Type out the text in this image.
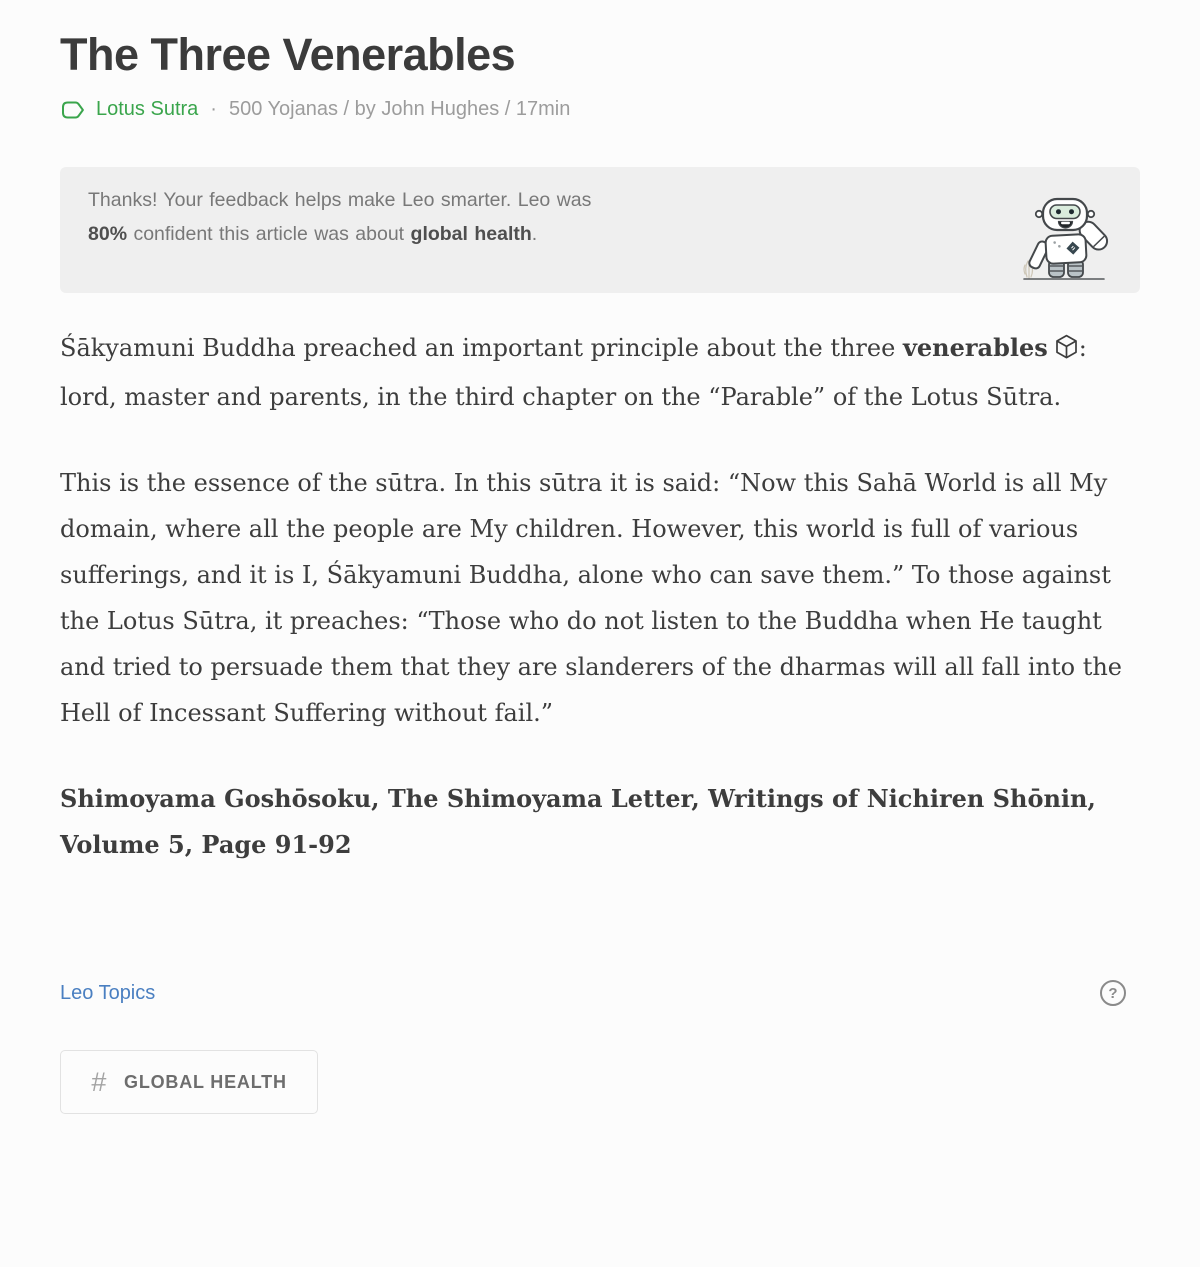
The Three Venerables
Lotus Sutra · 500 Yojanas / by John Hughes / 17min
Thanks! Your feedback helps make Leo smarter. Leo was 80% confident this article was about global health.

Śākyamuni Buddha preached an important principle about the three venerables : lord, master and parents, in the third chapter on the “Parable” of the Lotus Sūtra.

This is the essence of the sūtra. In this sūtra it is said: “Now this Sahā World is all My domain, where all the people are My children. However, this world is full of various sufferings, and it is I, Śākyamuni Buddha, alone who can save them.” To those against the Lotus Sūtra, it preaches: “Those who do not listen to the Buddha when He taught and tried to persuade them that they are slanderers of the dharmas will all fall into the Hell of Incessant Suffering without fail.”

Shimoyama Goshōsoku, The Shimoyama Letter, Writings of Nichiren Shōnin, Volume 5, Page 91-92

Leo Topics	?
# GLOBAL HEALTH
